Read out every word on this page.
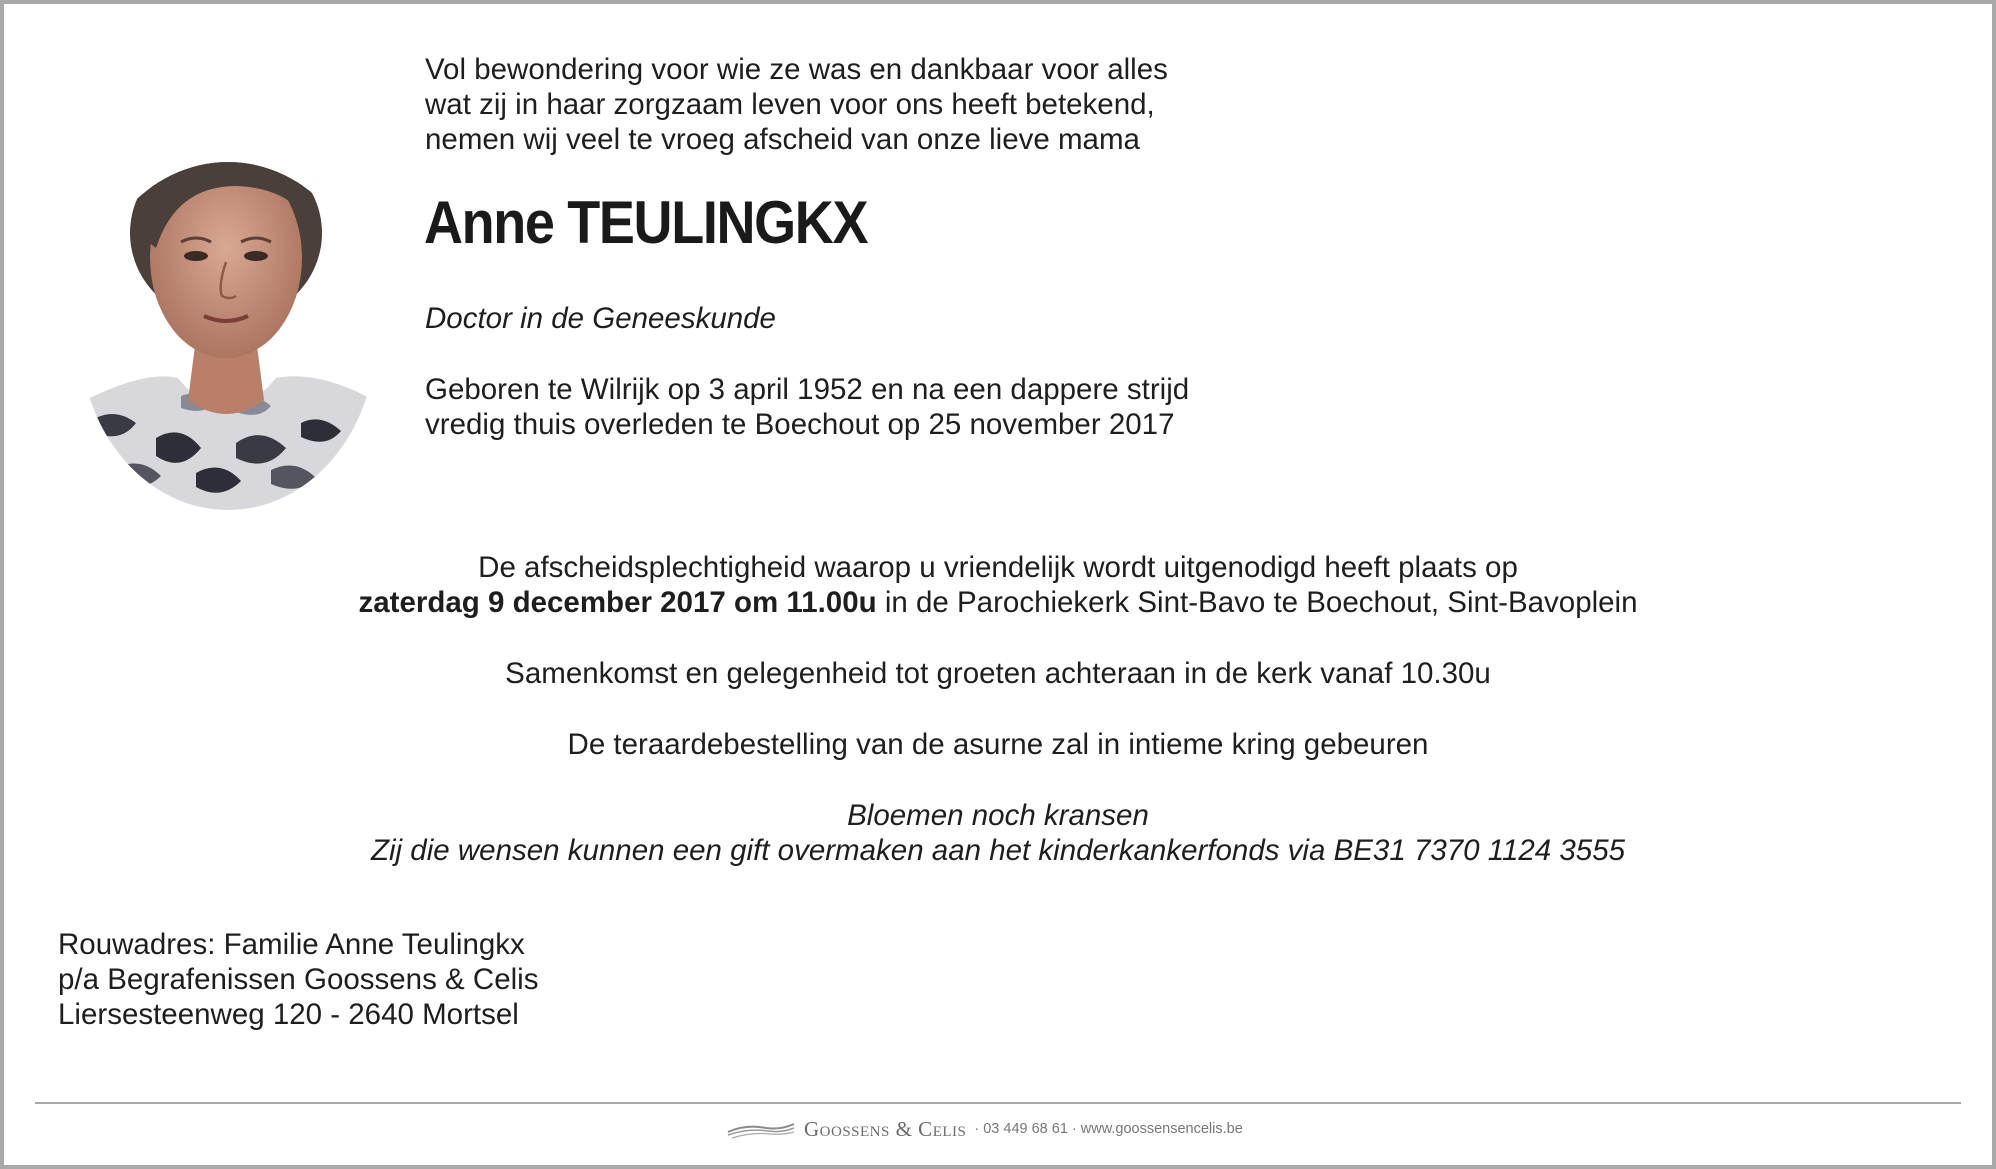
Vol bewondering voor wie ze was en dankbaar voor alles
wat zij in haar zorgzaam leven voor ons heeft betekend,
nemen wij veel te vroeg afscheid van onze lieve mama
Anne TEULINGKX
Doctor in de Geneeskunde
Geboren te Wilrijk op 3 april 1952 en na een dappere strijd
vredig thuis overleden te Boechout op 25 november 2017
De afscheidsplechtigheid waarop u vriendelijk wordt uitgenodigd heeft plaats op
zaterdag 9 december 2017 om 11.00u in de Parochiekerk Sint-Bavo te Boechout, Sint-Bavoplein
Samenkomst en gelegenheid tot groeten achteraan in de kerk vanaf 10.30u
De teraardebestelling van de asurne zal in intieme kring gebeuren
Bloemen noch kransen
Zij die wensen kunnen een gift overmaken aan het kinderkankerfonds via BE31 7370 1124 3555
Rouwadres: Familie Anne Teulingkx
p/a Begrafenissen Goossens & Celis
Liersesteenweg 120 - 2640 Mortsel
Goossens & Celis · 03 449 68 61 · www.goossensencelis.be
